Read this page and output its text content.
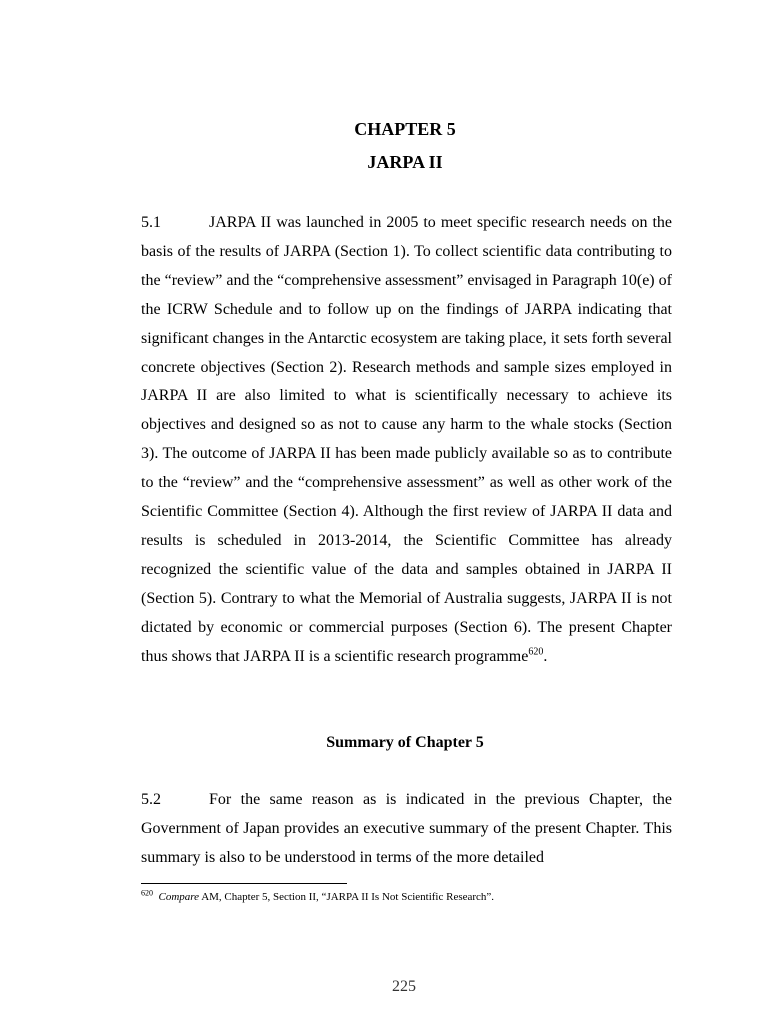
CHAPTER 5
JARPA II

5.1	JARPA II was launched in 2005 to meet specific research needs on the basis of the results of JARPA (Section 1). To collect scientific data contributing to the “review” and the “comprehensive assessment” envisaged in Paragraph 10(e) of the ICRW Schedule and to follow up on the findings of JARPA indicating that significant changes in the Antarctic ecosystem are taking place, it sets forth several concrete objectives (Section 2). Research methods and sample sizes employed in JARPA II are also limited to what is scientifically necessary to achieve its objectives and designed so as not to cause any harm to the whale stocks (Section 3). The outcome of JARPA II has been made publicly available so as to contribute to the “review” and the “comprehensive assessment” as well as other work of the Scientific Committee (Section 4). Although the first review of JARPA II data and results is scheduled in 2013-2014, the Scientific Committee has already recognized the scientific value of the data and samples obtained in JARPA II (Section 5). Contrary to what the Memorial of Australia suggests, JARPA II is not dictated by economic or commercial purposes (Section 6). The present Chapter thus shows that JARPA II is a scientific research programme$^{620}$.

Summary of Chapter 5

5.2	For the same reason as is indicated in the previous Chapter, the Government of Japan provides an executive summary of the present Chapter. This summary is also to be understood in terms of the more detailed

$^{620}$ Compare AM, Chapter 5, Section II, “JARPA II Is Not Scientific Research”.
225
